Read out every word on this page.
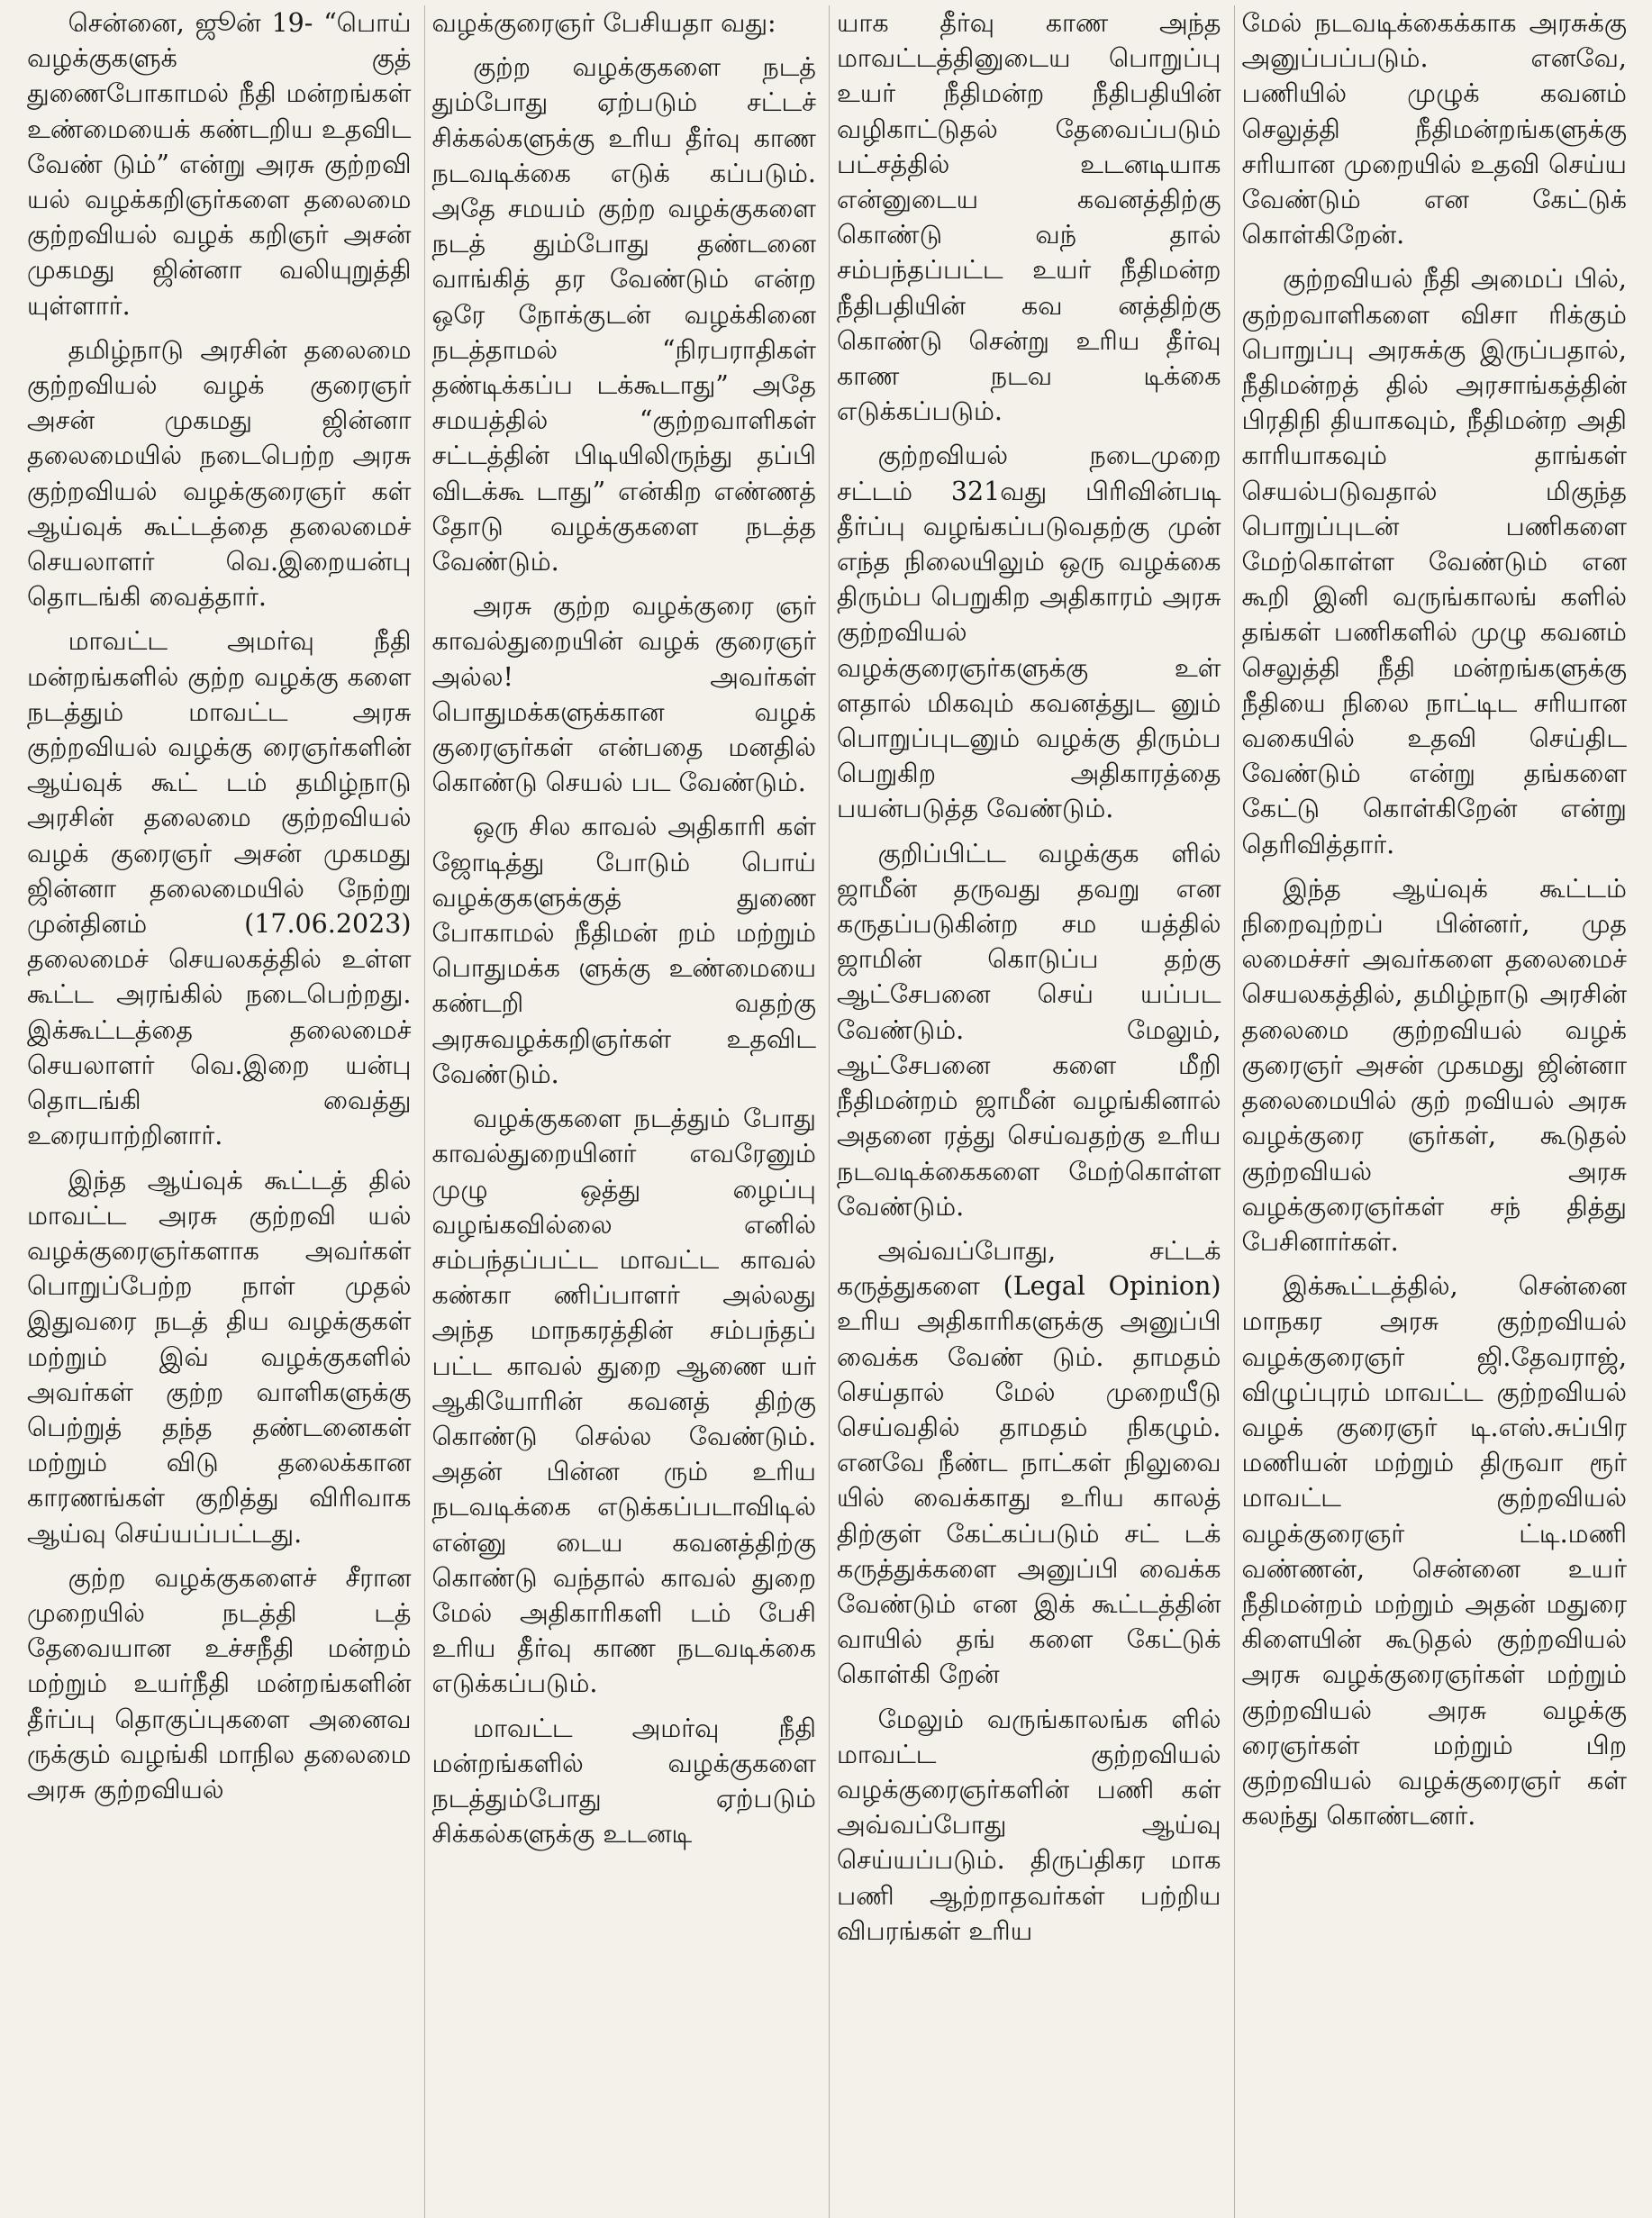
சென்னை, ஜூன் 19- “பொய் வழக்குகளுக் குத் துணைபோகாமல் நீதி மன்றங்கள் உண்மையைக் கண்டறிய உதவிட வேண் டும்” என்று அரசு குற்றவி யல் வழக்கறிஞர்களை தலைமை குற்றவியல் வழக் கறிஞர் அசன் முகமது ஜின்னா வலியுறுத்தி யுள்ளார்.

தமிழ்நாடு அரசின் தலைமை குற்றவியல் வழக் குரைஞர் அசன் முகமது ஜின்னா தலைமையில் நடைபெற்ற அரசு குற்றவியல் வழக்குரைஞர் கள் ஆய்வுக் கூட்டத்தை தலைமைச் செயலாளர் வெ.இறையன்பு தொடங்கி வைத்தார்.

மாவட்ட அமர்வு நீதி மன்றங்களில் குற்ற வழக்கு களை நடத்தும் மாவட்ட அரசு குற்றவியல் வழக்கு ரைஞர்களின் ஆய்வுக் கூட் டம் தமிழ்நாடு அரசின் தலைமை குற்றவியல் வழக் குரைஞர் அசன் முகமது ஜின்னா தலைமையில் நேற்று முன்தினம் (17.06.2023) தலைமைச் செயலகத்தில் உள்ள கூட்ட அரங்கில் நடைபெற்றது. இக்கூட்டத்தை தலைமைச் செயலாளர் வெ.இறை யன்பு தொடங்கி வைத்து உரையாற்றினார்.

இந்த ஆய்வுக் கூட்டத் தில் மாவட்ட அரசு குற்றவி யல் வழக்குரைஞர்களாக அவர்கள் பொறுப்பேற்ற நாள் முதல் இதுவரை நடத் திய வழக்குகள் மற்றும் இவ் வழக்குகளில் அவர்கள் குற்ற வாளிகளுக்கு பெற்றுத் தந்த தண்டனைகள் மற்றும் விடு தலைக்கான காரணங்கள் குறித்து விரிவாக ஆய்வு செய்யப்பட்டது.

குற்ற வழக்குகளைச் சீரான முறையில் நடத்தி டத் தேவையான உச்சநீதி மன்றம் மற்றும் உயர்நீதி மன்றங்களின் தீர்ப்பு தொகுப்புகளை அனைவ ருக்கும் வழங்கி மாநில தலைமை அரசு குற்றவியல்

வழக்குரைஞர் பேசியதா வது:

குற்ற வழக்குகளை நடத் தும்போது ஏற்படும் சட்டச் சிக்கல்களுக்கு உரிய தீர்வு காண நடவடிக்கை எடுக் கப்படும். அதே சமயம் குற்ற வழக்குகளை நடத் தும்போது தண்டனை வாங்கித் தர வேண்டும் என்ற ஒரே நோக்குடன் வழக்கினை நடத்தாமல் “நிரபராதிகள் தண்டிக்கப்ப டக்கூடாது” அதே சமயத்தில் “குற்றவாளிகள் சட்டத்தின் பிடியிலிருந்து தப்பி விடக்கூ டாது” என்கிற எண்ணத் தோடு வழக்குகளை நடத்த வேண்டும்.

அரசு குற்ற வழக்குரை ஞர் காவல்துறையின் வழக் குரைஞர் அல்ல! அவர்கள் பொதுமக்களுக்கான வழக் குரைஞர்கள் என்பதை மனதில் கொண்டு செயல் பட வேண்டும்.

ஒரு சில காவல் அதிகாரி கள் ஜோடித்து போடும் பொய் வழக்குகளுக்குத் துணை போகாமல் நீதிமன் றம் மற்றும் பொதுமக்க ளுக்கு உண்மையை கண்டறி வதற்கு அரசுவழக்கறிஞர்கள் உதவிட வேண்டும்.

வழக்குகளை நடத்தும் போது காவல்துறையினர் எவரேனும் முழு ஒத்து ழைப்பு வழங்கவில்லை எனில் சம்பந்தப்பட்ட மாவட்ட காவல் கண்கா ணிப்பாளர் அல்லது அந்த மாநகரத்தின் சம்பந்தப் பட்ட காவல் துறை ஆணை யர் ஆகியோரின் கவனத் திற்கு கொண்டு செல்ல வேண்டும். அதன் பின்ன ரும் உரிய நடவடிக்கை எடுக்கப்படாவிடில் என்னு டைய கவனத்திற்கு கொண்டு வந்தால் காவல் துறை மேல் அதிகாரிகளி டம் பேசி உரிய தீர்வு காண நடவடிக்கை எடுக்கப்படும்.

மாவட்ட அமர்வு நீதி மன்றங்களில் வழக்குகளை நடத்தும்போது ஏற்படும் சிக்கல்களுக்கு உடனடி

யாக தீர்வு காண அந்த மாவட்டத்தினுடைய பொறுப்பு உயர் நீதிமன்ற நீதிபதியின் வழிகாட்டுதல் தேவைப்படும் பட்சத்தில் உடனடியாக என்னுடைய கவனத்திற்கு கொண்டு வந் தால் சம்பந்தப்பட்ட உயர் நீதிமன்ற நீதிபதியின் கவ னத்திற்கு கொண்டு சென்று உரிய தீர்வு காண நடவ டிக்கை எடுக்கப்படும்.

குற்றவியல் நடைமுறை சட்டம் 321வது பிரிவின்படி தீர்ப்பு வழங்கப்படுவதற்கு முன் எந்த நிலையிலும் ஒரு வழக்கை திரும்ப பெறுகிற அதிகாரம் அரசு குற்றவியல் வழக்குரைஞர்களுக்கு உள் ளதால் மிகவும் கவனத்துட னும் பொறுப்புடனும் வழக்கு திரும்ப பெறுகிற அதிகாரத்தை பயன்படுத்த வேண்டும்.

குறிப்பிட்ட வழக்குக ளில் ஜாமீன் தருவது தவறு என கருதப்படுகின்ற சம யத்தில் ஜாமின் கொடுப்ப தற்கு ஆட்சேபனை செய் யப்பட வேண்டும். மேலும், ஆட்சேபனை களை மீறி நீதிமன்றம் ஜாமீன் வழங்கினால் அதனை ரத்து செய்வதற்கு உரிய நடவடிக்கைகளை மேற்கொள்ள வேண்டும்.

அவ்வப்போது, சட்டக் கருத்துகளை (Legal Opinion) உரிய அதிகாரிகளுக்கு அனுப்பி வைக்க வேண் டும். தாமதம் செய்தால் மேல் முறையீடு செய்வதில் தாமதம் நிகழும். எனவே நீண்ட நாட்கள் நிலுவை யில் வைக்காது உரிய காலத் திற்குள் கேட்கப்படும் சட் டக் கருத்துக்களை அனுப்பி வைக்க வேண்டும் என இக் கூட்டத்தின் வாயில் தங் களை கேட்டுக் கொள்கி றேன்

மேலும் வருங்காலங்க ளில் மாவட்ட குற்றவியல் வழக்குரைஞர்களின் பணி கள் அவ்வப்போது ஆய்வு செய்யப்படும். திருப்திகர மாக பணி ஆற்றாதவர்கள் பற்றிய விபரங்கள் உரிய

மேல் நடவடிக்கைக்காக அரசுக்கு அனுப்பப்படும். எனவே, பணியில் முழுக் கவனம் செலுத்தி நீதிமன்றங்களுக்கு சரியான முறையில் உதவி செய்ய வேண்டும் என கேட்டுக் கொள்கிறேன்.

குற்றவியல் நீதி அமைப் பில், குற்றவாளிகளை விசா ரிக்கும் பொறுப்பு அரசுக்கு இருப்பதால், நீதிமன்றத் தில் அரசாங்கத்தின் பிரதிநி தியாகவும், நீதிமன்ற அதி காரியாகவும் தாங்கள் செயல்படுவதால் மிகுந்த பொறுப்புடன் பணிகளை மேற்கொள்ள வேண்டும் என கூறி இனி வருங்காலங் களில் தங்கள் பணிகளில் முழு கவனம் செலுத்தி நீதி மன்றங்களுக்கு நீதியை நிலை நாட்டிட சரியான வகையில் உதவி செய்திட வேண்டும் என்று தங்களை கேட்டு கொள்கிறேன் என்று தெரிவித்தார்.

இந்த ஆய்வுக் கூட்டம் நிறைவுற்றப் பின்னர், முத லமைச்சர் அவர்களை தலைமைச் செயலகத்தில், தமிழ்நாடு அரசின் தலைமை குற்றவியல் வழக் குரைஞர் அசன் முகமது ஜின்னா தலைமையில் குற் றவியல் அரசு வழக்குரை ஞர்கள், கூடுதல் குற்றவியல் அரசு வழக்குரைஞர்கள் சந் தித்து பேசினார்கள்.

இக்கூட்டத்தில், சென்னை மாநகர அரசு குற்றவியல் வழக்குரைஞர் ஜி.தேவராஜ், விழுப்புரம் மாவட்ட குற்றவியல் வழக் குரைஞர் டி.எஸ்.சுப்பிர மணியன் மற்றும் திருவா ரூர் மாவட்ட குற்றவியல் வழக்குரைஞர் ட்டி.மணி வண்ணன், சென்னை உயர் நீதிமன்றம் மற்றும் அதன் மதுரை கிளையின் கூடுதல் குற்றவியல் அரசு வழக்குரைஞர்கள் மற்றும் குற்றவியல் அரசு வழக்கு ரைஞர்கள் மற்றும் பிற குற்றவியல் வழக்குரைஞர் கள் கலந்து கொண்டனர்.
